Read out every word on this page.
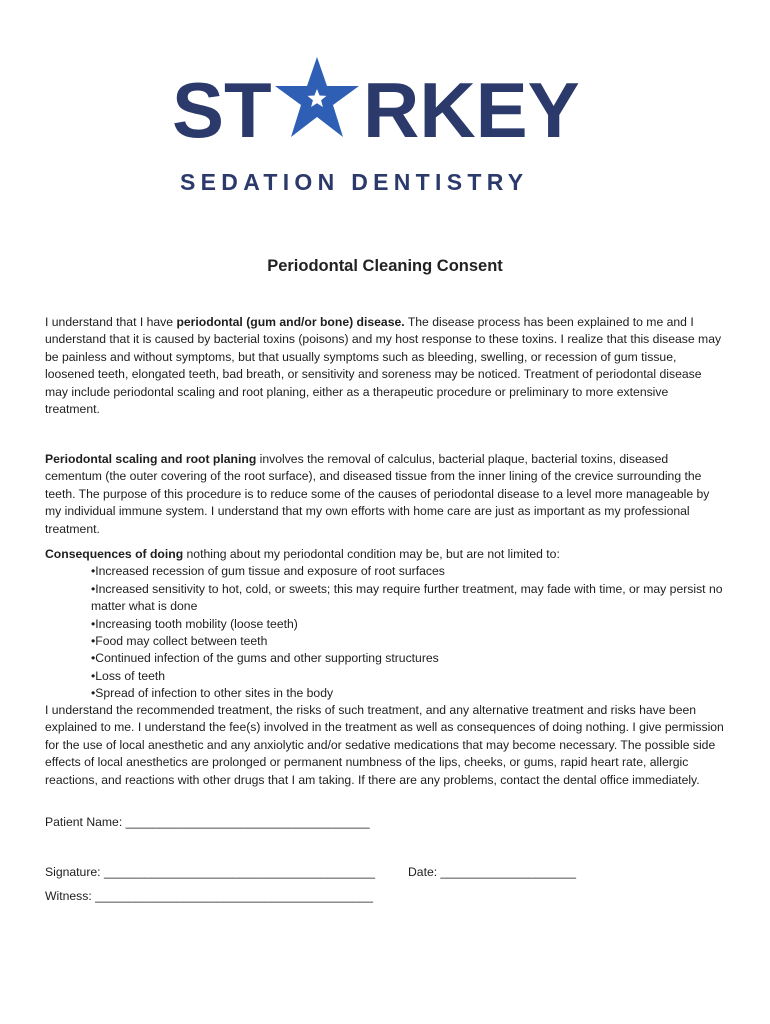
ST RKEY
SEDATION DENTISTRY
Periodontal Cleaning Consent
I understand that I have periodontal (gum and/or bone) disease. The disease process has been explained to me and I understand that it is caused by bacterial toxins (poisons) and my host response to these toxins. I realize that this disease may be painless and without symptoms, but that usually symptoms such as bleeding, swelling, or recession of gum tissue, loosened teeth, elongated teeth, bad breath, or sensitivity and soreness may be noticed. Treatment of periodontal disease may include periodontal scaling and root planing, either as a therapeutic procedure or preliminary to more extensive treatment.
Periodontal scaling and root planing involves the removal of calculus, bacterial plaque, bacterial toxins, diseased cementum (the outer covering of the root surface), and diseased tissue from the inner lining of the crevice surrounding the teeth. The purpose of this procedure is to reduce some of the causes of periodontal disease to a level more manageable by my individual immune system. I understand that my own efforts with home care are just as important as my professional treatment.
Consequences of doing nothing about my periodontal condition may be, but are not limited to:
•Increased recession of gum tissue and exposure of root surfaces
•Increased sensitivity to hot, cold, or sweets; this may require further treatment, may fade with time, or may persist no matter what is done
•Increasing tooth mobility (loose teeth)
•Food may collect between teeth
•Continued infection of the gums and other supporting structures
•Loss of teeth
•Spread of infection to other sites in the body
I understand the recommended treatment, the risks of such treatment, and any alternative treatment and risks have been explained to me. I understand the fee(s) involved in the treatment as well as consequences of doing nothing. I give permission for the use of local anesthetic and any anxiolytic and/or sedative medications that may become necessary. The possible side effects of local anesthetics are prolonged or permanent numbness of the lips, cheeks, or gums, rapid heart rate, allergic reactions, and reactions with other drugs that I am taking. If there are any problems, contact the dental office immediately.
Patient Name: ____________________________________
Signature: ________________________________________	Date: ____________________
Witness: _________________________________________
